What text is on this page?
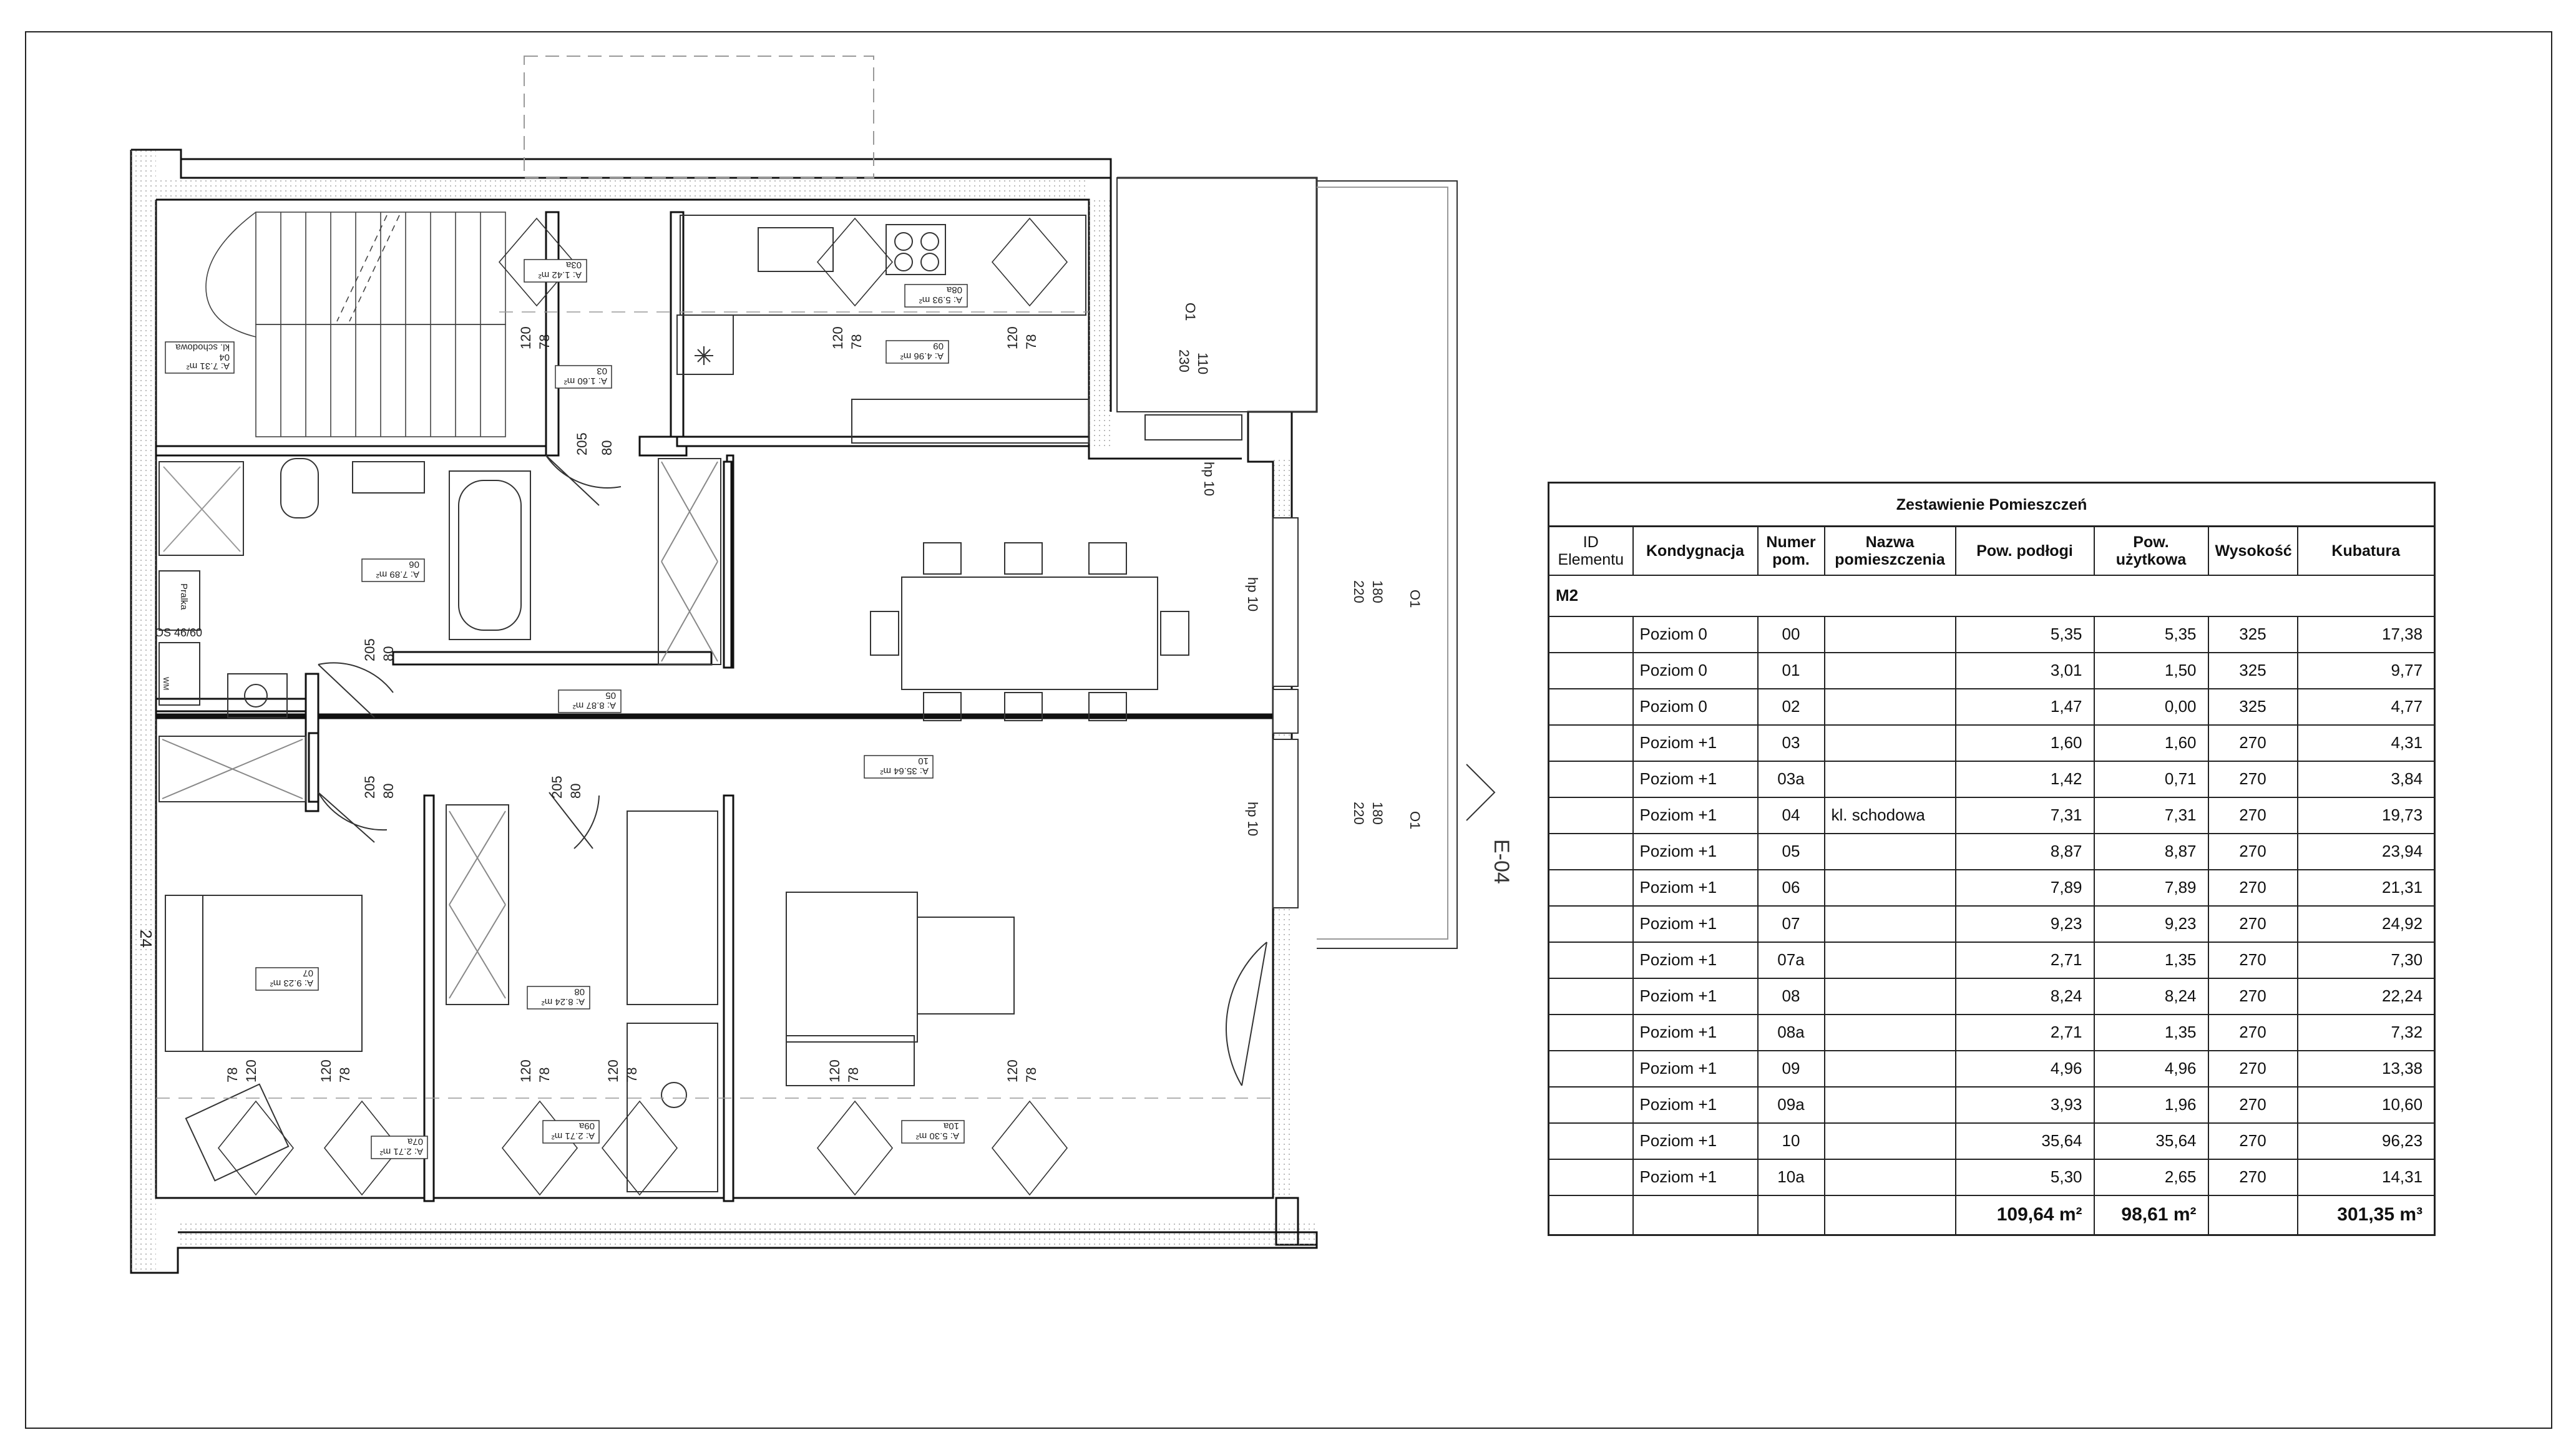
E-04
120 78	120 78	120 78
205 80
205 80
205 80	205 80
78 120	120 78	120 78	120 78	120 78	120 78
110
230
O1
hp 10
hp 10	220 180 O1
hp 10	220 180 O1
24
OS 46/60
Pralka
WM
A: 1.42 m²
03a
A: 1.60 m²
03
A: 7.31 m²
04
kl. schodowa
A: 5.93 m²
08a
A: 4.96 m²
09
A: 7.89 m²
06
A: 8.87 m²
05
A: 35.64 m²
10
A: 9.23 m²
07
A: 8.24 m²
08
A: 2.71 m²
09a
A: 2.71 m²
07a
A: 5.30 m²
10a
Zestawienie Pomieszczeń							
ID Elementu	Kondygnacja	Numer pom.	Nazwa pomieszczenia	Pow. podłogi	Pow. użytkowa	Wysokość	Kubatura
M2							
	Poziom 0	00		5,35	5,35	325	17,38
	Poziom 0	01		3,01	1,50	325	9,77
	Poziom 0	02		1,47	0,00	325	4,77
	Poziom +1	03		1,60	1,60	270	4,31
	Poziom +1	03a		1,42	0,71	270	3,84
	Poziom +1	04	kl. schodowa	7,31	7,31	270	19,73
	Poziom +1	05		8,87	8,87	270	23,94
	Poziom +1	06		7,89	7,89	270	21,31
	Poziom +1	07		9,23	9,23	270	24,92
	Poziom +1	07a		2,71	1,35	270	7,30
	Poziom +1	08		8,24	8,24	270	22,24
	Poziom +1	08a		2,71	1,35	270	7,32
	Poziom +1	09		4,96	4,96	270	13,38
	Poziom +1	09a		3,93	1,96	270	10,60
	Poziom +1	10		35,64	35,64	270	96,23
	Poziom +1	10a		5,30	2,65	270	14,31
				109,64 m²	98,61 m²		301,35 m³
